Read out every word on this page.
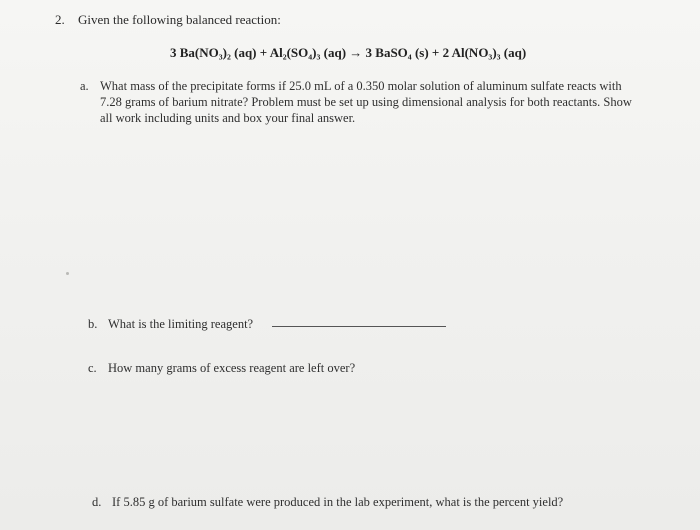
2. Given the following balanced reaction:
3 Ba(NO₃)₂ (aq) + Al₂(SO₄)₃ (aq) → 3 BaSO₄ (s) + 2 Al(NO₃)₃ (aq)
a. What mass of the precipitate forms if 25.0 mL of a 0.350 molar solution of aluminum sulfate reacts with 7.28 grams of barium nitrate? Problem must be set up using dimensional analysis for both reactants. Show all work including units and box your final answer.
b. What is the limiting reagent?
c. How many grams of excess reagent are left over?
d. If 5.85 g of barium sulfate were produced in the lab experiment, what is the percent yield?
